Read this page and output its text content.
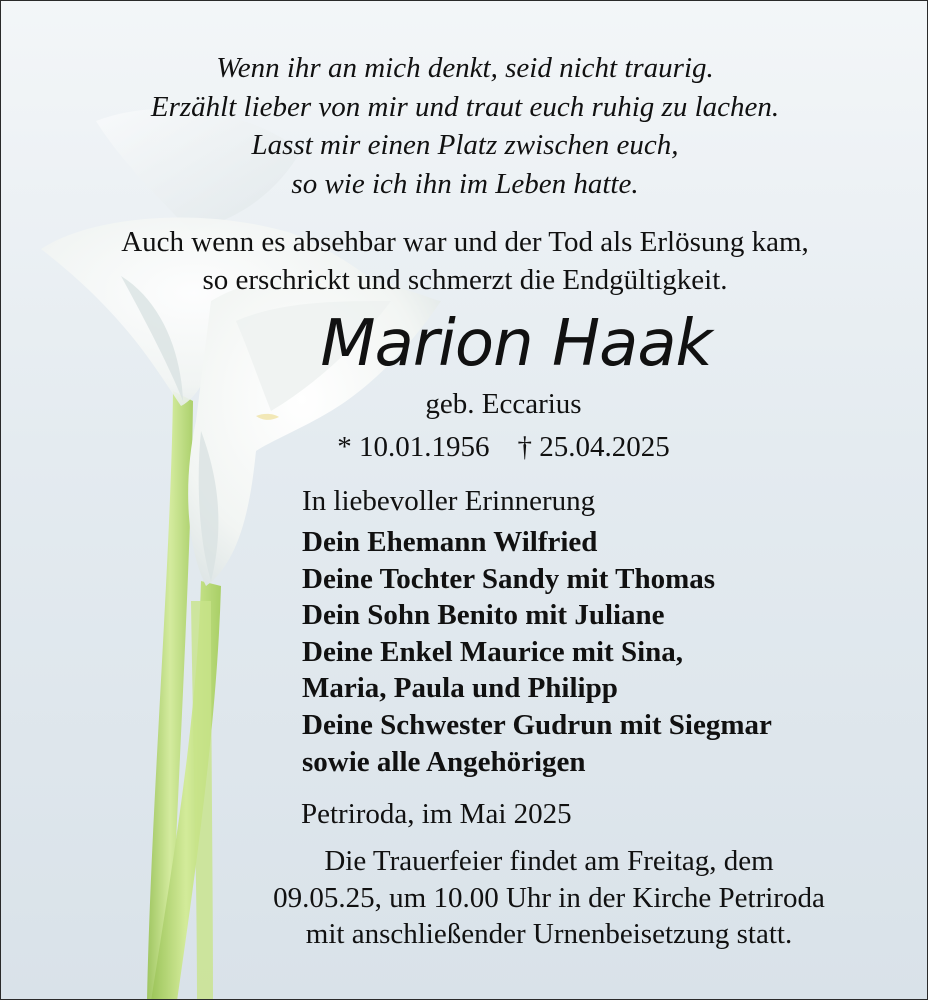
Wenn ihr an mich denkt, seid nicht traurig.
Erzählt lieber von mir und traut euch ruhig zu lachen.
Lasst mir einen Platz zwischen euch,
so wie ich ihn im Leben hatte.
Auch wenn es absehbar war und der Tod als Erlösung kam,
so erschrickt und schmerzt die Endgültigkeit.
Marion Haak
geb. Eccarius
* 10.01.1956 † 25.04.2025
In liebevoller Erinnerung
Dein Ehemann Wilfried
Deine Tochter Sandy mit Thomas
Dein Sohn Benito mit Juliane
Deine Enkel Maurice mit Sina,
Maria, Paula und Philipp
Deine Schwester Gudrun mit Siegmar
sowie alle Angehörigen
Petriroda, im Mai 2025
Die Trauerfeier findet am Freitag, dem
09.05.25, um 10.00 Uhr in der Kirche Petriroda
mit anschließender Urnenbeisetzung statt.
